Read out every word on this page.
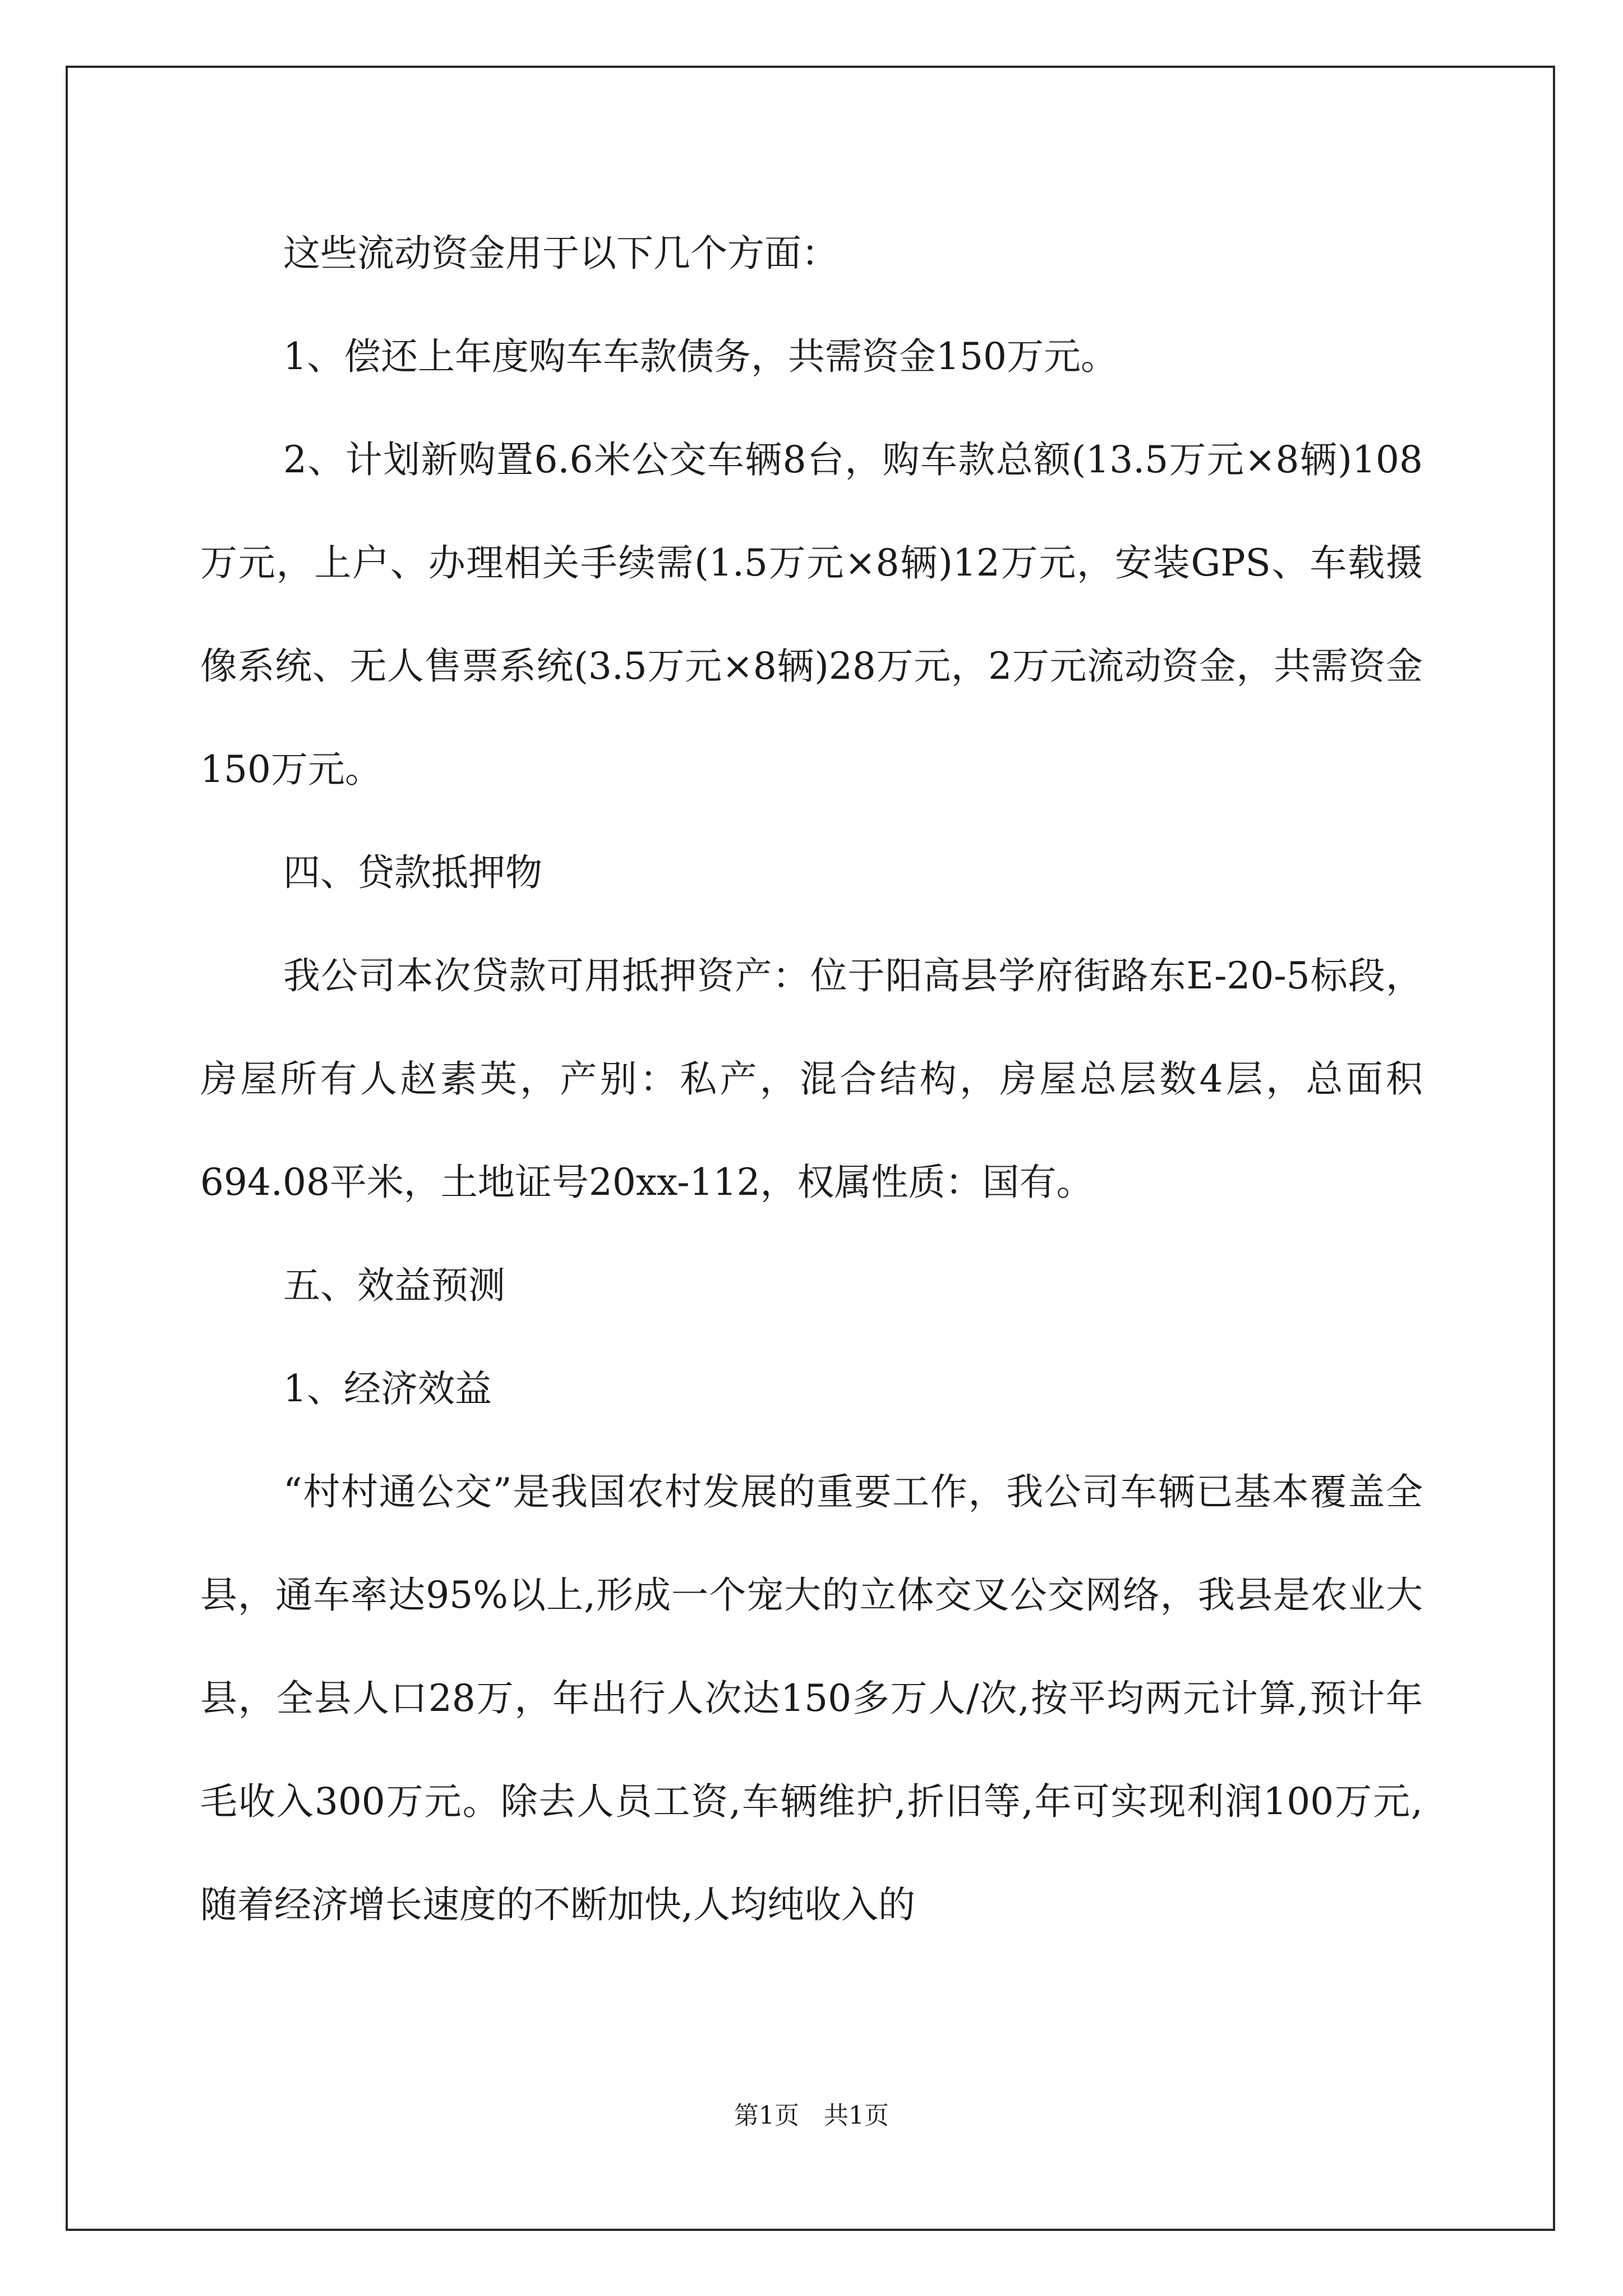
这些流动资金用于以下几个方面：

1、偿还上年度购车车款债务，共需资金150万元。

2、计划新购置6.6米公交车辆8台，购车款总额(13.5万元×8辆)108万元，上户、办理相关手续需(1.5万元×8辆)12万元，安装GPS、车载摄像系统、无人售票系统(3.5万元×8辆)28万元，2万元流动资金，共需资金150万元。

四、贷款抵押物

我公司本次贷款可用抵押资产：位于阳高县学府街路东E-20-5标段，房屋所有人赵素英，产别：私产，混合结构，房屋总层数4层，总面积694.08平米，土地证号20xx-112，权属性质：国有。

五、效益预测

1、经济效益

“村村通公交”是我国农村发展的重要工作，我公司车辆已基本覆盖全县，通车率达95%以上,形成一个宠大的立体交叉公交网络，我县是农业大县，全县人口28万，年出行人次达150多万人/次,按平均两元计算,预计年毛收入300万元。除去人员工资,车辆维护,折旧等,年可实现利润100万元,随着经济增长速度的不断加快,人均纯收入的

第1页　共1页
